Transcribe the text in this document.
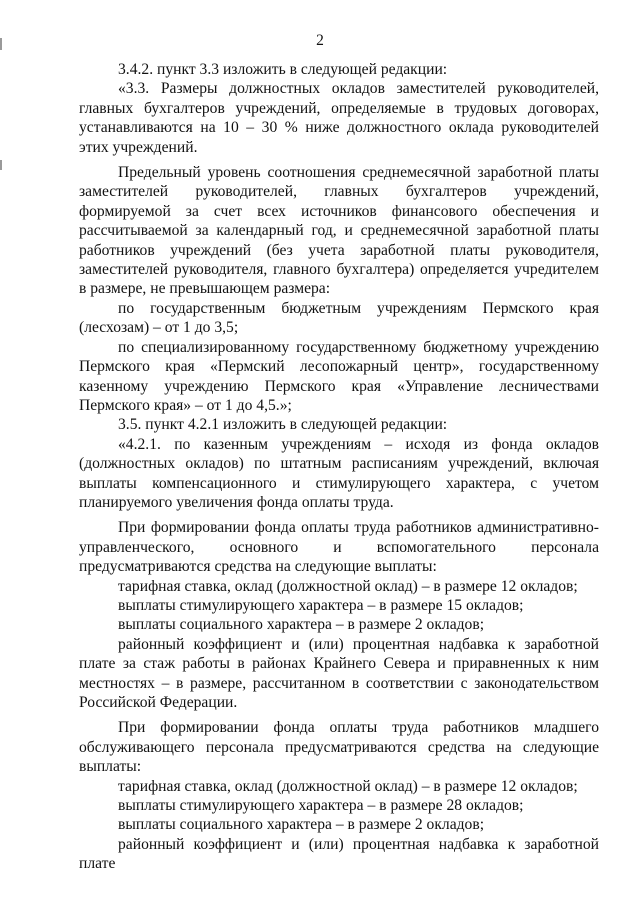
2

3.4.2. пункт 3.3 изложить в следующей редакции:

«3.3. Размеры должностных окладов заместителей руководителей, главных бухгалтеров учреждений, определяемые в трудовых договорах, устанавливаются на 10 – 30 % ниже должностного оклада руководителей этих учреждений.

Предельный уровень соотношения среднемесячной заработной платы заместителей руководителей, главных бухгалтеров учреждений, формируемой за счет всех источников финансового обеспечения и рассчитываемой за календарный год, и среднемесячной заработной платы работников учреждений (без учета заработной платы руководителя, заместителей руководителя, главного бухгалтера) определяется учредителем в размере, не превышающем размера:

по государственным бюджетным учреждениям Пермского края (лесхозам) – от 1 до 3,5;

по специализированному государственному бюджетному учреждению Пермского края «Пермский лесопожарный центр», государственному казенному учреждению Пермского края «Управление лесничествами Пермского края» – от 1 до 4,5.»;

3.5. пункт 4.2.1 изложить в следующей редакции:

«4.2.1. по казенным учреждениям – исходя из фонда окладов (должностных окладов) по штатным расписаниям учреждений, включая выплаты компенсационного и стимулирующего характера, с учетом планируемого увеличения фонда оплаты труда.

При формировании фонда оплаты труда работников административно-управленческого, основного и вспомогательного персонала предусматриваются средства на следующие выплаты:

тарифная ставка, оклад (должностной оклад) – в размере 12 окладов;

выплаты стимулирующего характера – в размере 15 окладов;

выплаты социального характера – в размере 2 окладов;

районный коэффициент и (или) процентная надбавка к заработной плате за стаж работы в районах Крайнего Севера и приравненных к ним местностях – в размере, рассчитанном в соответствии с законодательством Российской Федерации.

При формировании фонда оплаты труда работников младшего обслуживающего персонала предусматриваются средства на следующие выплаты:

тарифная ставка, оклад (должностной оклад) – в размере 12 окладов;

выплаты стимулирующего характера – в размере 28 окладов;

выплаты социального характера – в размере 2 окладов;

районный коэффициент и (или) процентная надбавка к заработной плате
